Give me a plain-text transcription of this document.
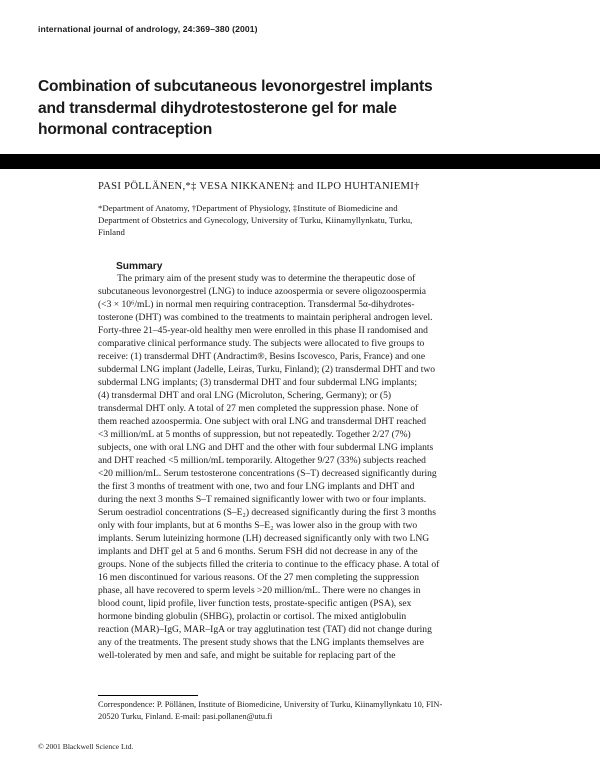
international journal of andrology, 24:369–380 (2001)
Combination of subcutaneous levonorgestrel implants
and transdermal dihydrotestosterone gel for male
hormonal contraception
PASI PÖLLÄNEN,*‡ VESA NIKKANEN‡ and ILPO HUHTANIEMI†
*Department of Anatomy, †Department of Physiology, ‡Institute of Biomedicine and
Department of Obstetrics and Gynecology, University of Turku, Kiinamyllynkatu, Turku,
Finland
Summary
  The primary aim of the present study was to determine the therapeutic dose of
subcutaneous levonorgestrel (LNG) to induce azoospermia or severe oligozoospermia
(<3 × 10⁶/mL) in normal men requiring contraception. Transdermal 5α-dihydrotes-
tosterone (DHT) was combined to the treatments to maintain peripheral androgen level.
Forty-three 21–45-year-old healthy men were enrolled in this phase II randomised and
comparative clinical performance study. The subjects were allocated to five groups to
receive: (1) transdermal DHT (Andractim®, Besins Iscovesco, Paris, France) and one
subdermal LNG implant (Jadelle, Leiras, Turku, Finland); (2) transdermal DHT and two
subdermal LNG implants; (3) transdermal DHT and four subdermal LNG implants;
(4) transdermal DHT and oral LNG (Microluton, Schering, Germany); or (5)
transdermal DHT only. A total of 27 men completed the suppression phase. None of
them reached azoospermia. One subject with oral LNG and transdermal DHT reached
<3 million/mL at 5 months of suppression, but not repeatedly. Together 2/27 (7%)
subjects, one with oral LNG and DHT and the other with four subdermal LNG implants
and DHT reached <5 million/mL temporarily. Altogether 9/27 (33%) subjects reached
<20 million/mL. Serum testosterone concentrations (S–T) decreased significantly during
the first 3 months of treatment with one, two and four LNG implants and DHT and
during the next 3 months S–T remained significantly lower with two or four implants.
Serum oestradiol concentrations (S–E₂) decreased significantly during the first 3 months
only with four implants, but at 6 months S–E₂ was lower also in the group with two
implants. Serum luteinizing hormone (LH) decreased significantly only with two LNG
implants and DHT gel at 5 and 6 months. Serum FSH did not decrease in any of the
groups. None of the subjects filled the criteria to continue to the efficacy phase. A total of
16 men discontinued for various reasons. Of the 27 men completing the suppression
phase, all have recovered to sperm levels >20 million/mL. There were no changes in
blood count, lipid profile, liver function tests, prostate-specific antigen (PSA), sex
hormone binding globulin (SHBG), prolactin or cortisol. The mixed antiglobulin
reaction (MAR)–IgG, MAR–IgA or tray agglutination test (TAT) did not change during
any of the treatments. The present study shows that the LNG implants themselves are
well-tolerated by men and safe, and might be suitable for replacing part of the
Correspondence: P. Pöllänen, Institute of Biomedicine, University of Turku, Kiinamyllynkatu 10, FIN-
20520 Turku, Finland. E-mail: pasi.pollanen@utu.fi
© 2001 Blackwell Science Ltd.
